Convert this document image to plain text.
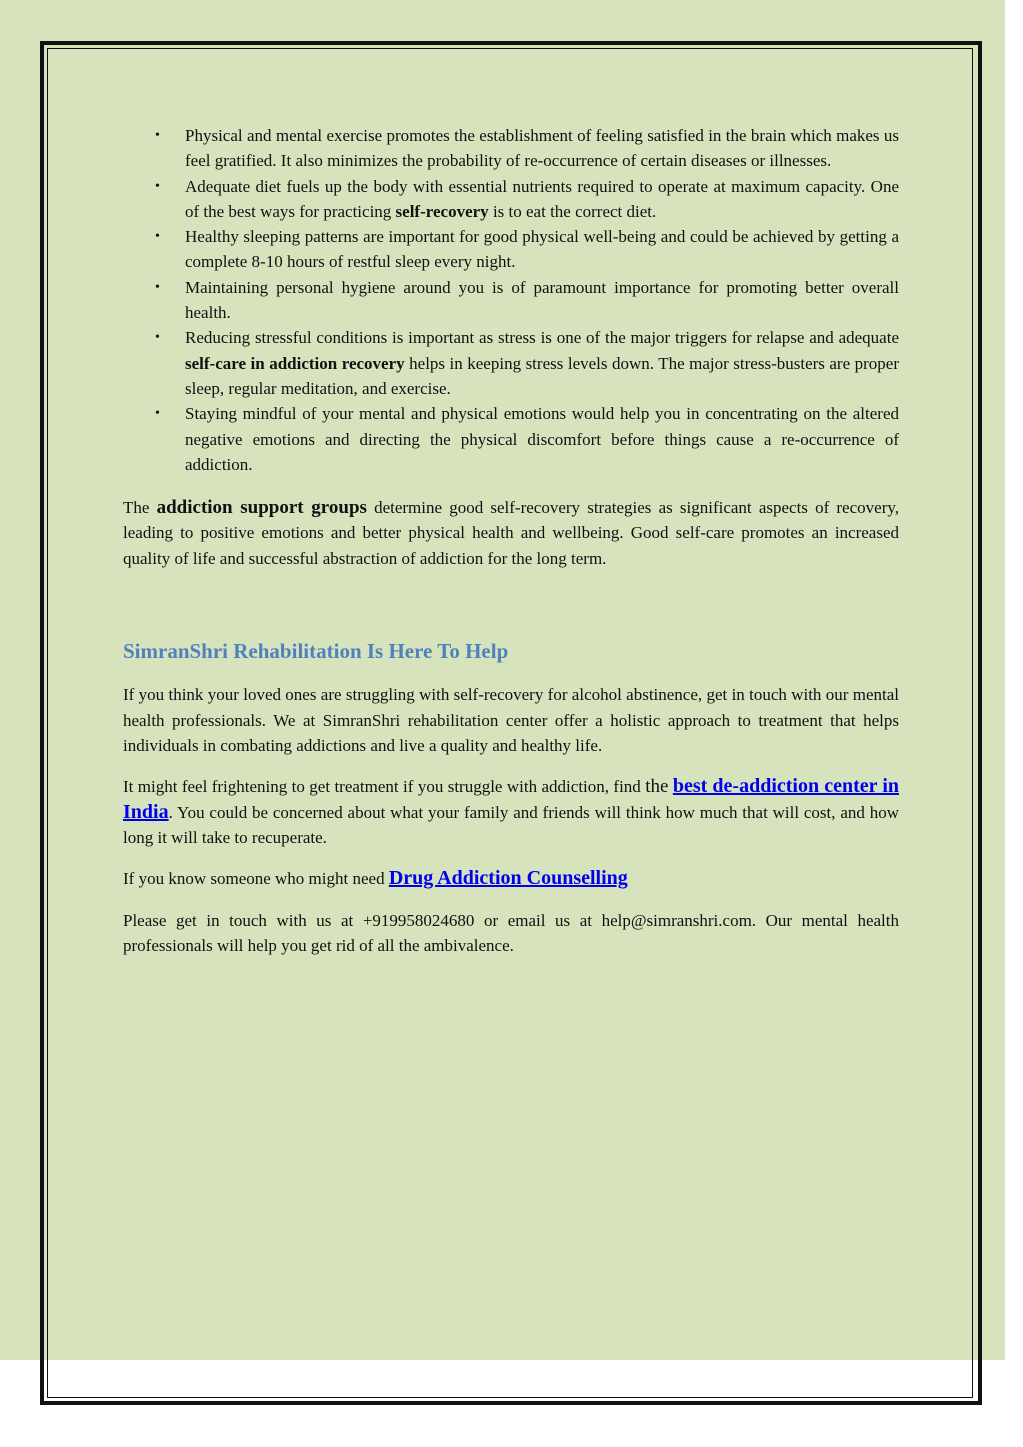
• Physical and mental exercise promotes the establishment of feeling satisfied in the brain which makes us feel gratified. It also minimizes the probability of re-occurrence of certain diseases or illnesses.
• Adequate diet fuels up the body with essential nutrients required to operate at maximum capacity. One of the best ways for practicing self-recovery is to eat the correct diet.
• Healthy sleeping patterns are important for good physical well-being and could be achieved by getting a complete 8-10 hours of restful sleep every night.
• Maintaining personal hygiene around you is of paramount importance for promoting better overall health.
• Reducing stressful conditions is important as stress is one of the major triggers for relapse and adequate self-care in addiction recovery helps in keeping stress levels down. The major stress-busters are proper sleep, regular meditation, and exercise.
• Staying mindful of your mental and physical emotions would help you in concentrating on the altered negative emotions and directing the physical discomfort before things cause a re-occurrence of addiction.

The addiction support groups determine good self-recovery strategies as significant aspects of recovery, leading to positive emotions and better physical health and wellbeing. Good self-care promotes an increased quality of life and successful abstraction of addiction for the long term.

SimranShri Rehabilitation Is Here To Help

If you think your loved ones are struggling with self-recovery for alcohol abstinence, get in touch with our mental health professionals. We at SimranShri rehabilitation center offer a holistic approach to treatment that helps individuals in combating addictions and live a quality and healthy life.

It might feel frightening to get treatment if you struggle with addiction, find the best de-addiction center in India. You could be concerned about what your family and friends will think how much that will cost, and how long it will take to recuperate.

If you know someone who might need Drug Addiction Counselling

Please get in touch with us at +919958024680 or email us at help@simranshri.com. Our mental health professionals will help you get rid of all the ambivalence.
